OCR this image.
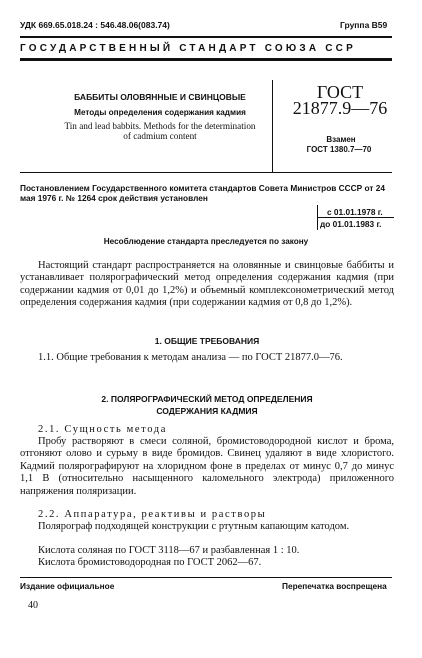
УДК 669.65.018.24 : 546.48.06(083.74)	Группа В59
ГОСУДАРСТВЕННЫЙ СТАНДАРТ СОЮЗА ССР
БАББИТЫ ОЛОВЯННЫЕ И СВИНЦОВЫЕ
Методы определения содержания кадмия
Tin and lead babbits. Methods for the determination of cadmium content
ГОСТ
21877.9—76
Взамен
ГОСТ 1380.7—70
Постановлением Государственного комитета стандартов Совета Министров СССР от 24 мая 1976 г. № 1264 срок действия установлен
с 01.01.1978 г.
до 01.01.1983 г.
Несоблюдение стандарта преследуется по закону
Настоящий стандарт распространяется на оловянные и свинцовые баббиты и устанавливает полярографический метод определения содержания кадмия (при содержании кадмия от 0,01 до 1,2%) и объемный комплексонометрический метод определения содержания кадмия (при содержании кадмия от 0,8 до 1,2%).
1. ОБЩИЕ ТРЕБОВАНИЯ
1.1. Общие требования к методам анализа — по ГОСТ 21877.0—76.
2. ПОЛЯРОГРАФИЧЕСКИЙ МЕТОД ОПРЕДЕЛЕНИЯ
СОДЕРЖАНИЯ КАДМИЯ
2.1. Сущность метода
Пробу растворяют в смеси соляной, бромистоводородной кислот и брома, отгоняют олово и сурьму в виде бромидов. Свинец удаляют в виде хлористого. Кадмий полярографируют на хлоридном фоне в пределах от минус 0,7 до минус 1,1 В (относительно насыщенного каломельного электрода) приложенного напряжения поляризации.
2.2. Аппаратура, реактивы и растворы
Полярограф подходящей конструкции с ртутным капающим катодом.
Кислота соляная по ГОСТ 3118—67 и разбавленная 1 : 10.
Кислота бромистоводородная по ГОСТ 2062—67.
Издание официальное	Перепечатка воспрещена
40
